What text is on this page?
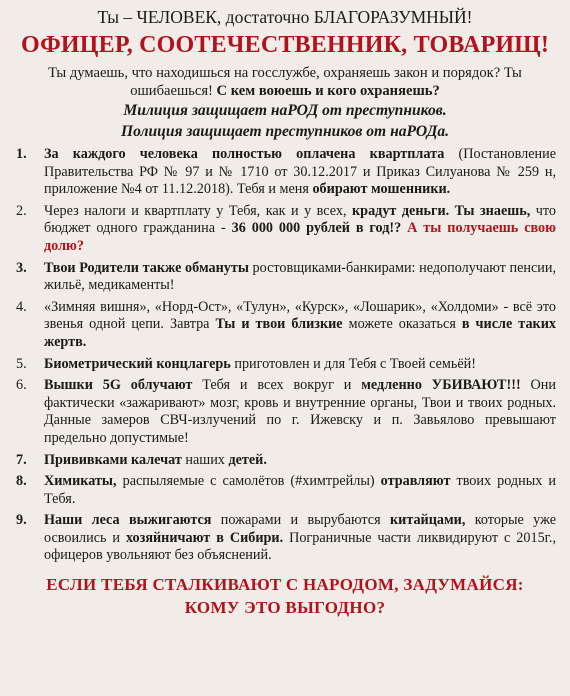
Ты – ЧЕЛОВЕК, достаточно БЛАГОРАЗУМНЫЙ!
ОФИЦЕР, СООТЕЧЕСТВЕННИК, ТОВАРИЩ!
Ты думаешь, что находишься на госслужбе, охраняешь закон и порядок? Ты ошибаешься! С кем воюешь и кого охраняешь?
Милиция защищает наРОД от преступников.
Полиция защищает преступников от наРОДа.
1.	За каждого человека полностью оплачена квартплата (Постановление Правительства РФ № 97 и № 1710 от 30.12.2017 и Приказ Силуанова № 259 н, приложение №4 от 11.12.2018). Тебя и меня обирают мошенники.
2.	Через налоги и квартплату у Тебя, как и у всех, крадут деньги. Ты знаешь, что бюджет одного гражданина - 36 000 000 рублей в год!? А ты получаешь свою долю?
3.	Твои Родители также обмануты ростовщиками-банкирами: недополучают пенсии, жильё, медикаменты!
4.	«Зимняя вишня», «Норд-Ост», «Тулун», «Курск», «Лошарик», «Холдоми» - всё это звенья одной цепи. Завтра Ты и твои близкие можете оказаться в числе таких жертв.
5.	Биометрический концлагерь приготовлен и для Тебя с Твоей семьёй!
6.	Вышки 5G облучают Тебя и всех вокруг и медленно УБИВАЮТ!!! Они фактически «зажаривают» мозг, кровь и внутренние органы, Твои и твоих родных. Данные замеров СВЧ-излучений по г. Ижевску и п. Завьялово превышают предельно допустимые!
7.	Прививками калечат наших детей.
8.	Химикаты, распыляемые с самолётов (#химтрейлы) отравляют твоих родных и Тебя.
9.	Наши леса выжигаются пожарами и вырубаются китайцами, которые уже освоились и хозяйничают в Сибири. Пограничные части ликвидируют с 2015г., офицеров увольняют без объяснений.
ЕСЛИ ТЕБЯ СТАЛКИВАЮТ С НАРОДОМ, ЗАДУМАЙСЯ:
КОМУ ЭТО ВЫГОДНО?
